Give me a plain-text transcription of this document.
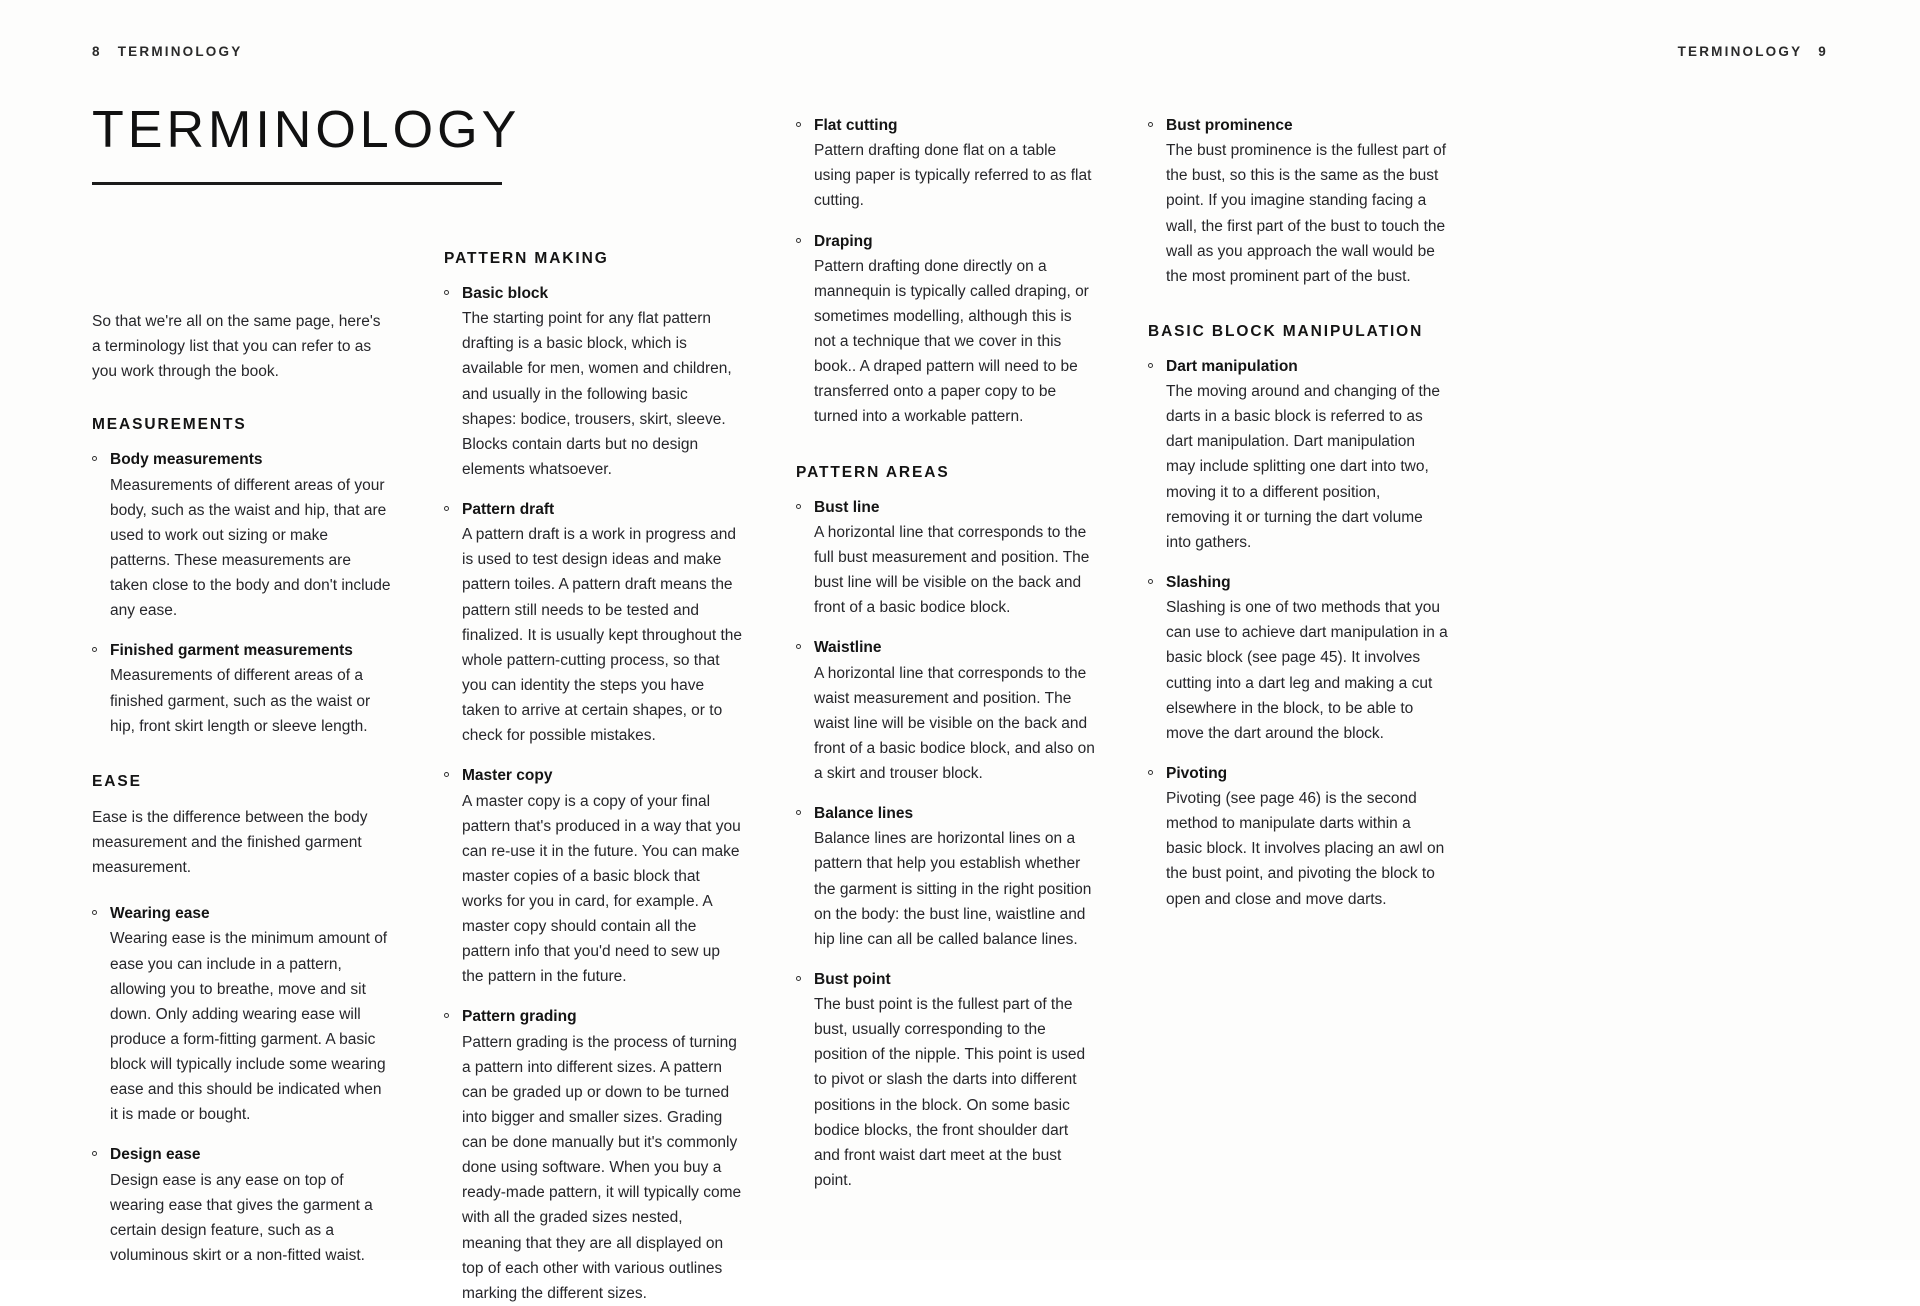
8 TERMINOLOGY	TERMINOLOGY 9
TERMINOLOGY

So that we're all on the same page, here's a terminology list that you can refer to as you work through the book.

MEASUREMENTS
Body measurements
Measurements of different areas of your body, such as the waist and hip, that are used to work out sizing or make patterns. These measurements are taken close to the body and don't include any ease.
Finished garment measurements
Measurements of different areas of a finished garment, such as the waist or hip, front skirt length or sleeve length.
EASE

Ease is the difference between the body measurement and the finished garment measurement.

Wearing ease
Wearing ease is the minimum amount of ease you can include in a pattern, allowing you to breathe, move and sit down. Only adding wearing ease will produce a form-fitting garment. A basic block will typically include some wearing ease and this should be indicated when it is made or bought.
Design ease
Design ease is any ease on top of wearing ease that gives the garment a certain design feature, such as a voluminous skirt or a non-fitted waist.
PATTERN MAKING
Basic block
The starting point for any flat pattern drafting is a basic block, which is available for men, women and children, and usually in the following basic shapes: bodice, trousers, skirt, sleeve. Blocks contain darts but no design elements whatsoever.
Pattern draft
A pattern draft is a work in progress and is used to test design ideas and make pattern toiles. A pattern draft means the pattern still needs to be tested and finalized. It is usually kept throughout the whole pattern-cutting process, so that you can identity the steps you have taken to arrive at certain shapes, or to check for possible mistakes.
Master copy
A master copy is a copy of your final pattern that's produced in a way that you can re-use it in the future. You can make master copies of a basic block that works for you in card, for example. A master copy should contain all the pattern info that you'd need to sew up the pattern in the future.
Pattern grading
Pattern grading is the process of turning a pattern into different sizes. A pattern can be graded up or down to be turned into bigger and smaller sizes. Grading can be done manually but it's commonly done using software. When you buy a ready-made pattern, it will typically come with all the graded sizes nested, meaning that they are all displayed on top of each other with various outlines marking the different sizes.
Flat cutting
Pattern drafting done flat on a table using paper is typically referred to as flat cutting.
Draping
Pattern drafting done directly on a mannequin is typically called draping, or sometimes modelling, although this is not a technique that we cover in this book.. A draped pattern will need to be transferred onto a paper copy to be turned into a workable pattern.
PATTERN AREAS
Bust line
A horizontal line that corresponds to the full bust measurement and position. The bust line will be visible on the back and front of a basic bodice block.
Waistline
A horizontal line that corresponds to the waist measurement and position. The waist line will be visible on the back and front of a basic bodice block, and also on a skirt and trouser block.
Balance lines
Balance lines are horizontal lines on a pattern that help you establish whether the garment is sitting in the right position on the body: the bust line, waistline and hip line can all be called balance lines.
Bust point
The bust point is the fullest part of the bust, usually corresponding to the position of the nipple. This point is used to pivot or slash the darts into different positions in the block. On some basic bodice blocks, the front shoulder dart and front waist dart meet at the bust point.
Bust prominence
The bust prominence is the fullest part of the bust, so this is the same as the bust point. If you imagine standing facing a wall, the first part of the bust to touch the wall as you approach the wall would be the most prominent part of the bust.
BASIC BLOCK MANIPULATION
Dart manipulation
The moving around and changing of the darts in a basic block is referred to as dart manipulation. Dart manipulation may include splitting one dart into two, moving it to a different position, removing it or turning the dart volume into gathers.
Slashing
Slashing is one of two methods that you can use to achieve dart manipulation in a basic block (see page 45). It involves cutting into a dart leg and making a cut elsewhere in the block, to be able to move the dart around the block.
Pivoting
Pivoting (see page 46) is the second method to manipulate darts within a basic block. It involves placing an awl on the bust point, and pivoting the block to open and close and move darts.
